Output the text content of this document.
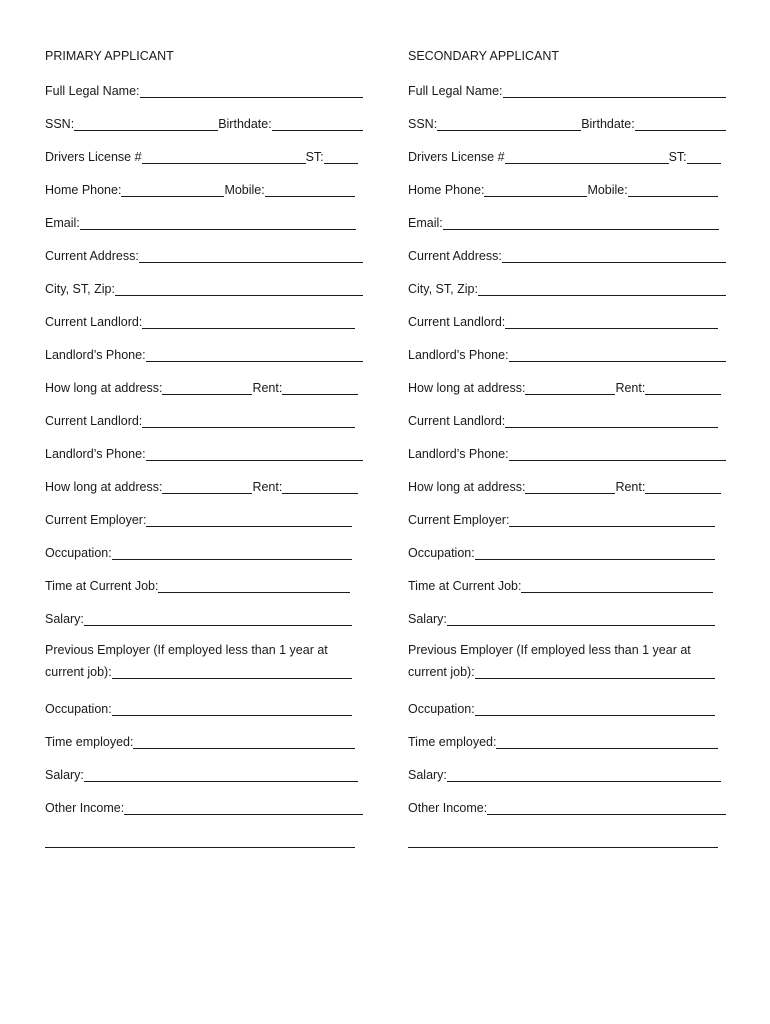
PRIMARY APPLICANT
Full Legal Name:
SSN:	Birthdate:
Drivers License #	ST:
Home Phone:	Mobile:
Email:
Current Address:
City, ST, Zip:
Current Landlord:
Landlord’s Phone:
How long at address:	Rent:
Current Landlord:
Landlord’s Phone:
How long at address:	Rent:
Current Employer:
Occupation:
Time at Current Job:
Salary:
Previous Employer (If employed less than 1 year at
current job):
Occupation:
Time employed:
Salary:
Other Income:
SECONDARY APPLICANT
Full Legal Name:
SSN:	Birthdate:
Drivers License #	ST:
Home Phone:	Mobile:
Email:
Current Address:
City, ST, Zip:
Current Landlord:
Landlord’s Phone:
How long at address:	Rent:
Current Landlord:
Landlord’s Phone:
How long at address:	Rent:
Current Employer:
Occupation:
Time at Current Job:
Salary:
Previous Employer (If employed less than 1 year at
current job):
Occupation:
Time employed:
Salary:
Other Income:
